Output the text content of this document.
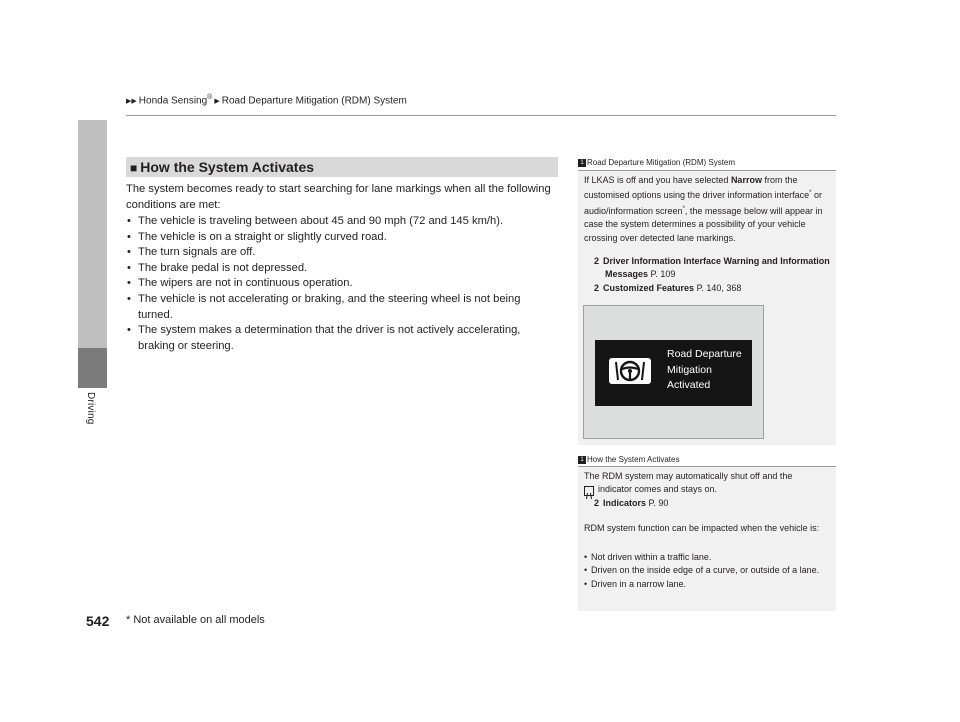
▶▶ Honda Sensing®▶ Road Departure Mitigation (RDM) System
Driving
■ How the System Activates
The system becomes ready to start searching for lane markings when all the following conditions are met:
• The vehicle is traveling between about 45 and 90 mph (72 and 145 km/h).
• The vehicle is on a straight or slightly curved road.
• The turn signals are off.
• The brake pedal is not depressed.
• The wipers are not in continuous operation.
• The vehicle is not accelerating or braking, and the steering wheel is not being turned.
• The system makes a determination that the driver is not actively accelerating, braking or steering.
1 Road Departure Mitigation (RDM) System
If LKAS is off and you have selected Narrow from the customised options using the driver information interface* or audio/information screen*, the message below will appear in case the system determines a possibility of your vehicle crossing over detected lane markings.
2 Driver Information Interface Warning and Information Messages P. 109
2 Customized Features P. 140, 368
Road Departure
Mitigation
Activated
1 How the System Activates
The RDM system may automatically shut off and the
indicator comes and stays on.
2 Indicators P. 90
RDM system function can be impacted when the vehicle is:
• Not driven within a traffic lane.
• Driven on the inside edge of a curve, or outside of a lane.
• Driven in a narrow lane.
542 * Not available on all models
